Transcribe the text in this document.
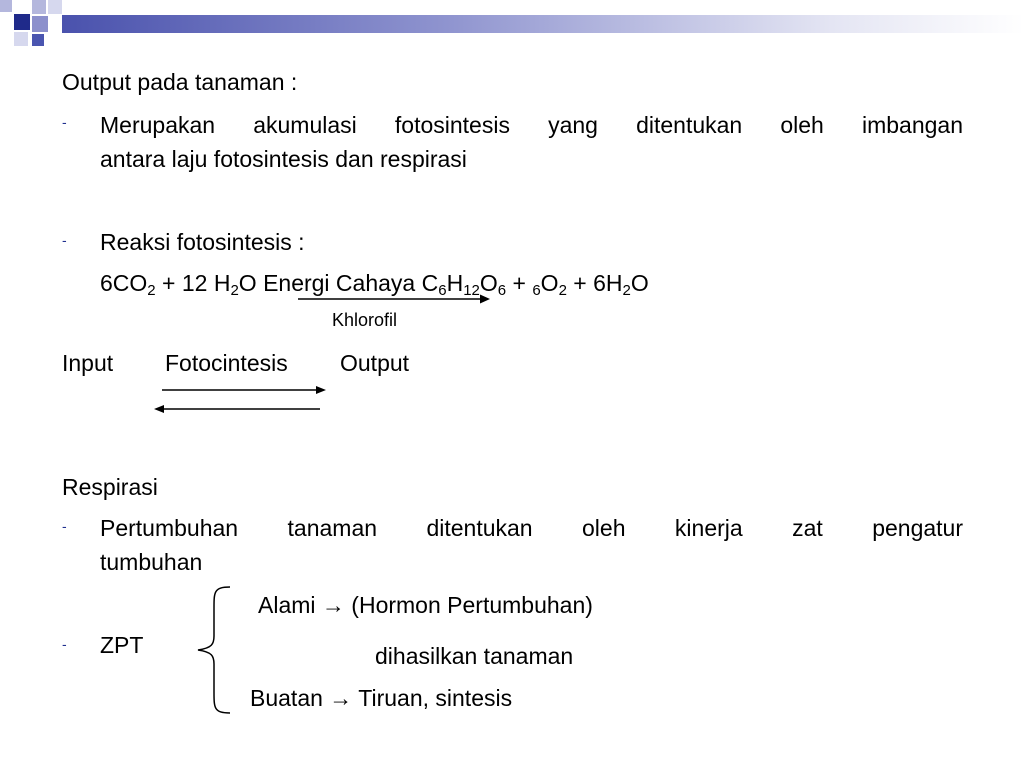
Output pada tanaman :
- Merupakan akumulasi fotosintesis yang ditentukan oleh imbangan
antara laju fotosintesis dan respirasi
- Reaksi fotosintesis :
$6CO_2 + 12$ $H_2O$ Energi Cahaya $C_6H_{12}O_6 + _6O_2 + 6H_2O$
Khlorofil
Input Fotocintesis Output
Respirasi
- Pertumbuhan tanaman ditentukan oleh kinerja zat pengatur
tumbuhan
- ZPT
Alami → (Hormon Pertumbuhan)
dihasilkan tanaman
Buatan → Tiruan, sintesis
